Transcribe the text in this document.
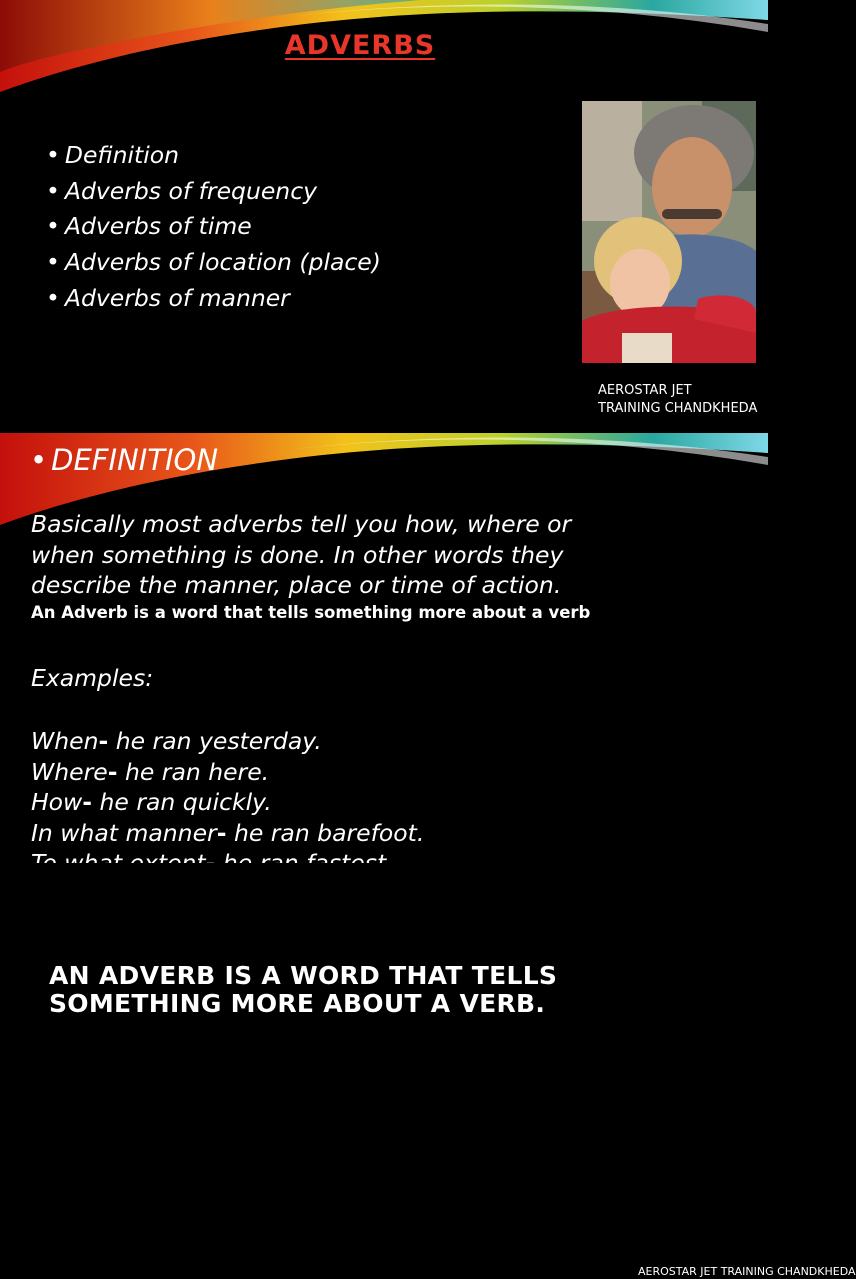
ADVERBS
• Definition
• Adverbs of frequency
• Adverbs of time
• Adverbs of location (place)
• Adverbs of manner
AEROSTAR JET TRAINING CHANDKHEDA
• DEFINITION
Basically most adverbs tell you how, where or when something is done. In other words they describe the manner, place or time of action.
An Adverb is a word that tells something more about a verb
Examples:
When- he ran yesterday.
Where- he ran here.
How- he ran quickly.
In what manner- he ran barefoot.
AEROSTAR JET TRAINING CHANDKHEDA
AN ADVERB IS A WORD THAT TELLS SOMETHING MORE ABOUT A VERB.
